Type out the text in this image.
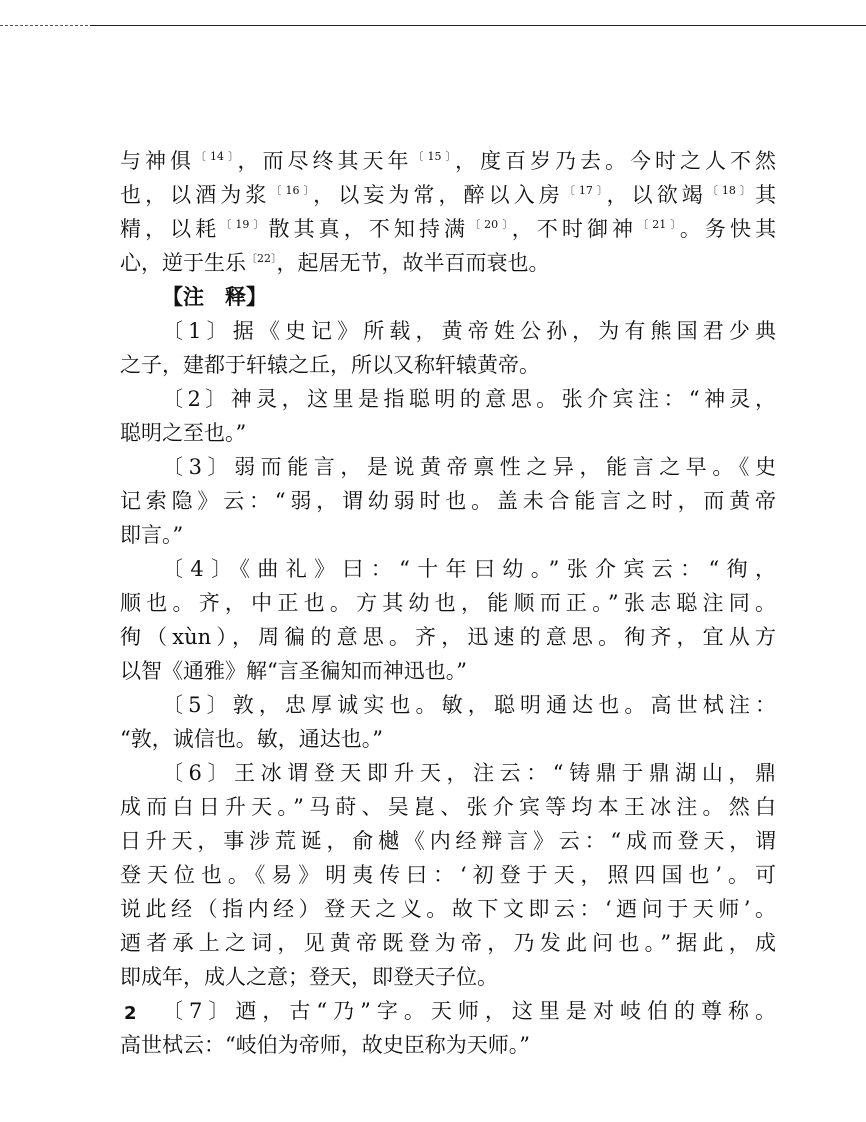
与神俱$^{〔14〕}$，而尽终其天年$^{〔15〕}$，度百岁乃去。今时之人不然
也，以酒为浆$^{〔16〕}$，以妄为常，醉以入房$^{〔17〕}$，以欲竭$^{〔18〕}$其
精，以耗$^{〔19〕}$散其真，不知持满$^{〔20〕}$，不时御神$^{〔21〕}$。务快其
心，逆于生乐$^{〔22〕}$，起居无节，故半百而衰也。
【注　释】
〔1〕据《史记》所载，黄帝姓公孙，为有熊国君少典
之子，建都于轩辕之丘，所以又称轩辕黄帝。
〔2〕神灵，这里是指聪明的意思。张介宾注：“神灵，
聪明之至也。”
〔3〕弱而能言，是说黄帝禀性之异，能言之早。《史
记索隐》云：“弱，谓幼弱时也。盖未合能言之时，而黄帝
即言。”
〔4〕《曲礼》曰：“十年曰幼。”张介宾云：“徇，
顺也。齐，中正也。方其幼也，能顺而正。”张志聪注同。
徇（xùn），周徧的意思。齐，迅速的意思。徇齐，宜从方
以智《通雅》解“言圣徧知而神迅也。”
〔5〕敦，忠厚诚实也。敏，聪明通达也。高世栻注：
“敦，诚信也。敏，通达也。”
〔6〕王冰谓登天即升天，注云：“铸鼎于鼎湖山，鼎
成而白日升天。”马莳、吴崑、张介宾等均本王冰注。然白
日升天，事涉荒诞，俞樾《内经辩言》云：“成而登天，谓
登天位也。《易》明夷传曰：‘初登于天，照四国也’。可
说此经（指内经）登天之义。故下文即云：‘迺问于天师’。
迺者承上之词，见黄帝既登为帝，乃发此问也。”据此，成
即成年，成人之意；登天，即登天子位。
〔7〕迺，古“乃”字。天师，这里是对岐伯的尊称。
高世栻云：“岐伯为帝师，故史臣称为天师。”
2
